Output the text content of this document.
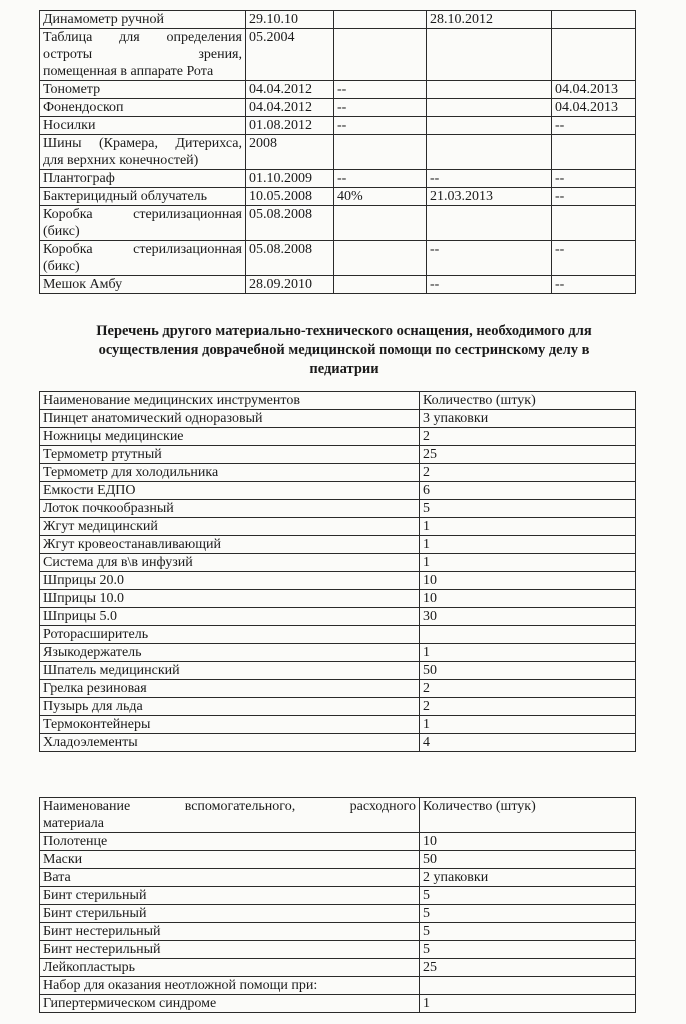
Динамометр ручной	29.10.10		28.10.2012	

Таблица для определения
остроты зрения,
помещенная в аппарате Рота	05.2004			

Тонометр	04.04.2012	--		04.04.2013

Фонендоскоп	04.04.2012	--		04.04.2013

Носилки	01.08.2012	--		--

Шины (Крамера, Дитерихса,
для верхних конечностей)	2008			

Плантограф	01.10.2009	--	--	--

Бактерицидный облучатель	10.05.2008	40%	21.03.2013	--

Коробка стерилизационная
(бикс)	05.08.2008			

Коробка стерилизационная
(бикс)	05.08.2008		--	--

Мешок Амбу	28.09.2010		--	--
Перечень другого материально-технического оснащения, необходимого для
осуществления доврачебной медицинской помощи по сестринскому делу в
педиатрии
Наименование медицинских инструментов	Количество (штук)
Пинцет анатомический одноразовый	3 упаковки
Ножницы медицинские	2
Термометр ртутный	25
Термометр для холодильника	2
Емкости ЕДПО	6
Лоток почкообразный	5
Жгут медицинский	1
Жгут кровеостанавливающий	1
Система для в\в инфузий	1
Шприцы 20.0	10
Шприцы 10.0	10
Шприцы 5.0	30
Роторасширитель	
Языкодержатель	1
Шпатель медицинский	50
Грелка резиновая	2
Пузырь для льда	2
Термоконтейнеры	1
Хладоэлементы	4
Наименование вспомогательного, расходного
материала	Количество (штук)
Полотенце	10
Маски	50
Вата	2 упаковки
Бинт стерильный	5
Бинт стерильный	5
Бинт нестерильный	5
Бинт нестерильный	5
Лейкопластырь	25
Набор для оказания неотложной помощи при:	
Гипертермическом синдроме	1
